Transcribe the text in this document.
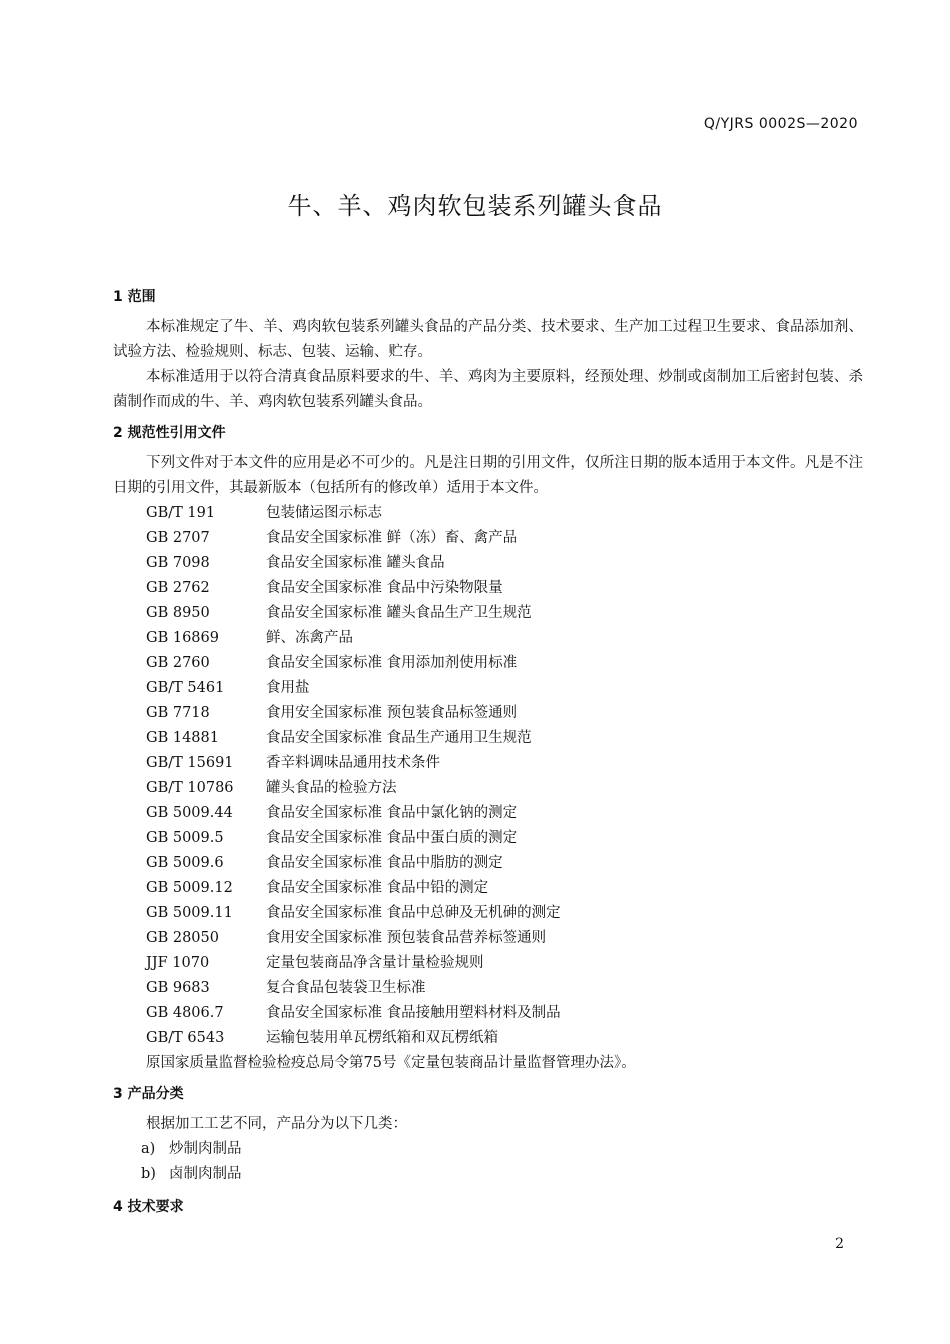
Q/YJRS 0002S—2020
牛、羊、鸡肉软包装系列罐头食品
1 范围
本标准规定了牛、羊、鸡肉软包装系列罐头食品的产品分类、技术要求、生产加工过程卫生要求、食品添加剂、试验方法、检验规则、标志、包装、运输、贮存。
本标准适用于以符合清真食品原料要求的牛、羊、鸡肉为主要原料，经预处理、炒制或卤制加工后密封包装、杀菌制作而成的牛、羊、鸡肉软包装系列罐头食品。
2 规范性引用文件
下列文件对于本文件的应用是必不可少的。凡是注日期的引用文件，仅所注日期的版本适用于本文件。凡是不注日期的引用文件，其最新版本（包括所有的修改单）适用于本文件。
GB/T 191	包装储运图示标志
GB 2707	食品安全国家标准 鲜（冻）畜、禽产品
GB 7098	食品安全国家标准 罐头食品
GB 2762	食品安全国家标准 食品中污染物限量
GB 8950	食品安全国家标准 罐头食品生产卫生规范
GB 16869	鲜、冻禽产品
GB 2760	食品安全国家标准 食用添加剂使用标准
GB/T 5461	食用盐
GB 7718	食用安全国家标准 预包装食品标签通则
GB 14881	食品安全国家标准 食品生产通用卫生规范
GB/T 15691	香辛料调味品通用技术条件
GB/T 10786	罐头食品的检验方法
GB 5009.44	食品安全国家标准 食品中氯化钠的测定
GB 5009.5	食品安全国家标准 食品中蛋白质的测定
GB 5009.6	食品安全国家标准 食品中脂肪的测定
GB 5009.12	食品安全国家标准 食品中铅的测定
GB 5009.11	食品安全国家标准 食品中总砷及无机砷的测定
GB 28050	食用安全国家标准 预包装食品营养标签通则
JJF 1070	定量包装商品净含量计量检验规则
GB 9683	复合食品包装袋卫生标准
GB 4806.7	食品安全国家标准 食品接触用塑料材料及制品
GB/T 6543	运输包装用单瓦楞纸箱和双瓦楞纸箱
原国家质量监督检验检疫总局令第75号《定量包装商品计量监督管理办法》。
3 产品分类
根据加工工艺不同，产品分为以下几类：
a) 炒制肉制品
b) 卤制肉制品
4 技术要求
2
